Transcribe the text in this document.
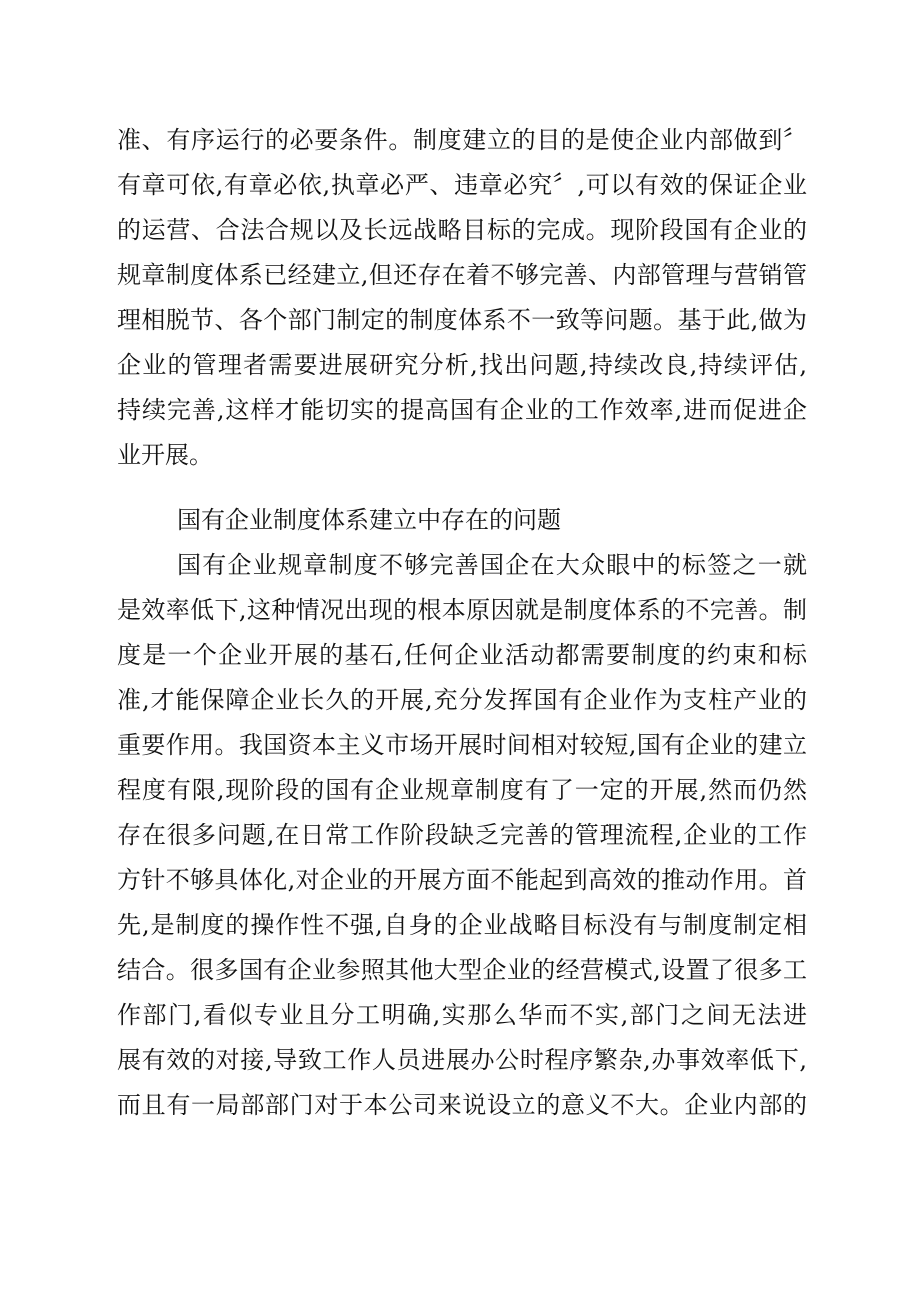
准、有序运行的必要条件。制度建立的目的是使企业内部做到〞
有章可依,有章必依,执章必严、违章必究〞,可以有效的保证企业
的运营、合法合规以及长远战略目标的完成。现阶段国有企业的
规章制度体系已经建立,但还存在着不够完善、内部管理与营销管
理相脱节、各个部门制定的制度体系不一致等问题。基于此,做为
企业的管理者需要进展研究分析,找出问题,持续改良,持续评估,
持续完善,这样才能切实的提高国有企业的工作效率,进而促进企
业开展。
国有企业制度体系建立中存在的问题
国有企业规章制度不够完善国企在大众眼中的标签之一就
是效率低下,这种情况出现的根本原因就是制度体系的不完善。制
度是一个企业开展的基石,任何企业活动都需要制度的约束和标
准,才能保障企业长久的开展,充分发挥国有企业作为支柱产业的
重要作用。我国资本主义市场开展时间相对较短,国有企业的建立
程度有限,现阶段的国有企业规章制度有了一定的开展,然而仍然
存在很多问题,在日常工作阶段缺乏完善的管理流程,企业的工作
方针不够具体化,对企业的开展方面不能起到高效的推动作用。首
先,是制度的操作性不强,自身的企业战略目标没有与制度制定相
结合。很多国有企业参照其他大型企业的经营模式,设置了很多工
作部门,看似专业且分工明确,实那么华而不实,部门之间无法进
展有效的对接,导致工作人员进展办公时程序繁杂,办事效率低下,
而且有一局部部门对于本公司来说设立的意义不大。企业内部的
